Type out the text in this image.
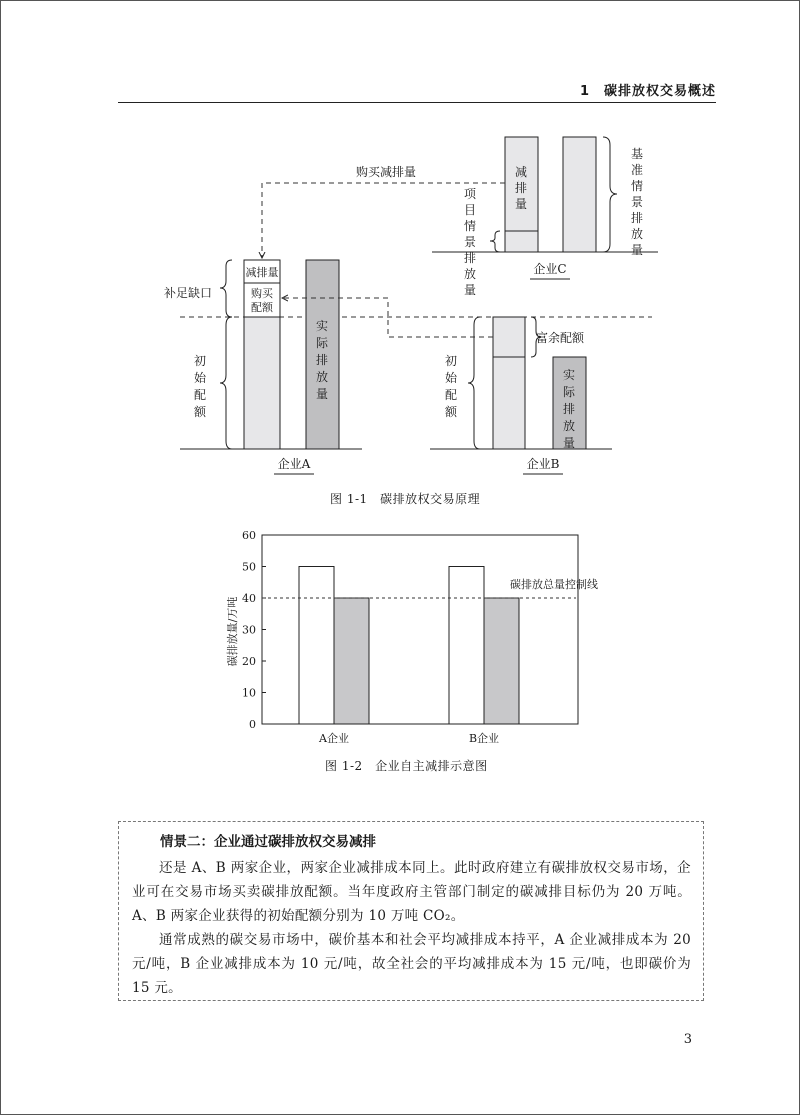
1 碳排放权交易概述
购买减排量
补足缺口
减排量
富余配额
初始配额
初始配额
购买配额
实际排放量
实际排放量
减排量
项目情景排放量
基准情景排放量
企业A	企业B
企业C
0
10
20
30
40
50
60
碳排放量/万吨
A企业	B企业
碳排放总量控制线
图 1-1　碳排放权交易原理
图 1-2　企业自主减排示意图
情景二：企业通过碳排放权交易减排

还是 A、B 两家企业，两家企业减排成本同上。此时政府建立有碳排放权交易市场，企业可在交易市场买卖碳排放配额。当年度政府主管部门制定的碳减排目标仍为 20 万吨。A、B 两家企业获得的初始配额分别为 10 万吨 CO₂。

通常成熟的碳交易市场中，碳价基本和社会平均减排成本持平，A 企业减排成本为 20 元/吨，B 企业减排成本为 10 元/吨，故全社会的平均减排成本为 15 元/吨，也即碳价为 15 元。

3
